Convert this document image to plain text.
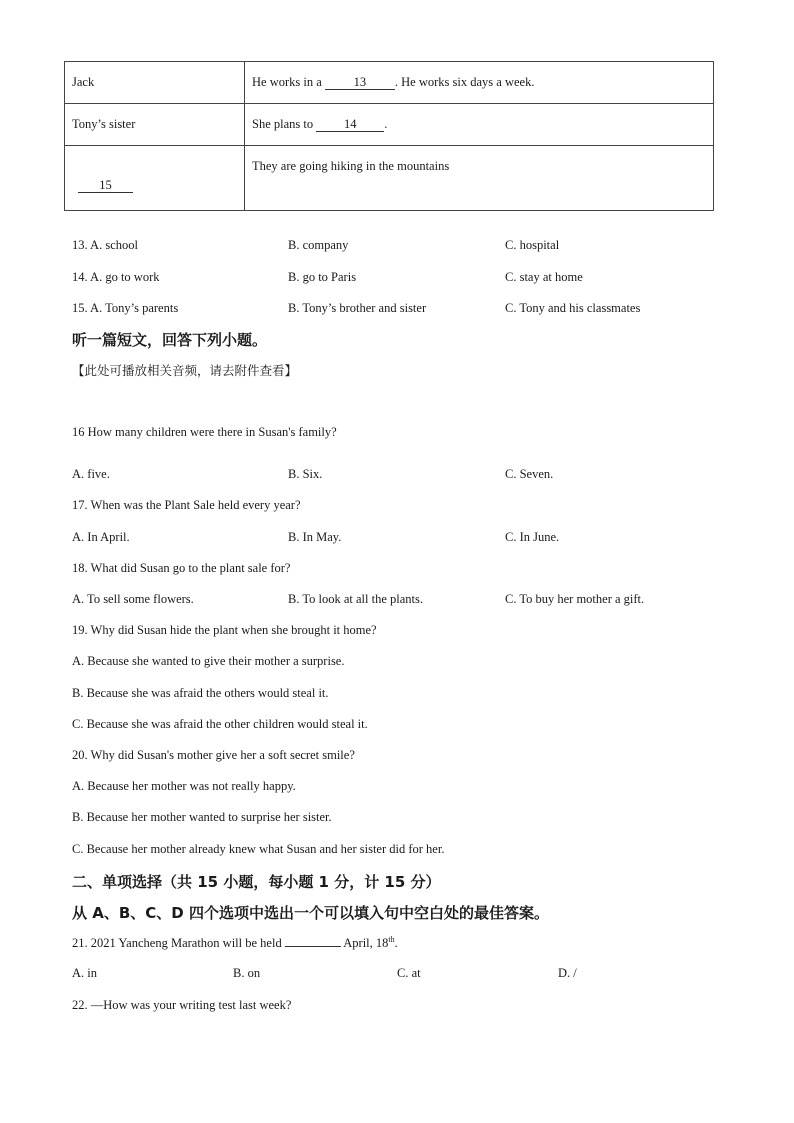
Jack	He works in a 13 . He works six days a week.
Tony’s sister	She plans to 14 .
15	They are going hiking in the mountains
13. A. school	B. company	C. hospital
14. A. go to work	B. go to Paris	C. stay at home
15. A. Tony’s parents	B. Tony’s brother and sister	C. Tony and his classmates
听一篇短文，回答下列小题。
【此处可播放相关音频，请去附件查看】
16 How many children were there in Susan's family?
A. five.	B. Six.	C. Seven.
17. When was the Plant Sale held every year?
A. In April.	B. In May.	C. In June.
18. What did Susan go to the plant sale for?
A. To sell some flowers.	B. To look at all the plants.	C. To buy her mother a gift.
19. Why did Susan hide the plant when she brought it home?
A. Because she wanted to give their mother a surprise.
B. Because she was afraid the others would steal it.
C. Because she was afraid the other children would steal it.
20. Why did Susan's mother give her a soft secret smile?
A. Because her mother was not really happy.
B. Because her mother wanted to surprise her sister.
C. Because her mother already knew what Susan and her sister did for her.
二、单项选择（共 15 小题，每小题 1 分，计 15 分）
从 A、B、C、D 四个选项中选出一个可以填入句中空白处的最佳答案。
21. 2021 Yancheng Marathon will be held	April, 18th.
A. in	B. on	C. at	D. /
22. —How was your writing test last week?
